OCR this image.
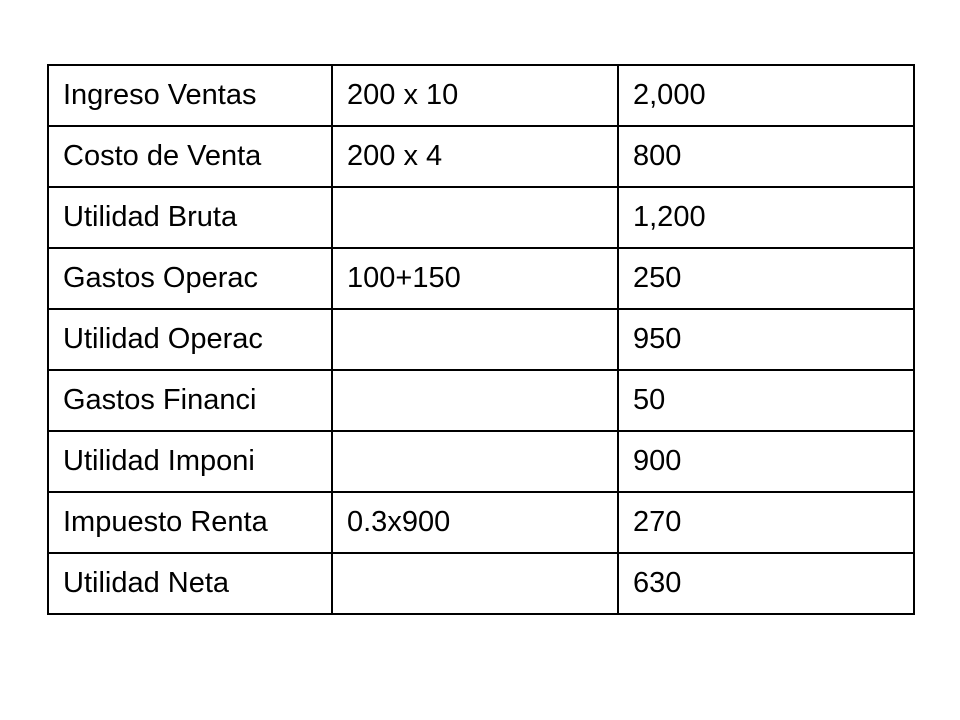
Ingreso Ventas	200 x 10	2,000
Costo de Venta	200 x 4	800
Utilidad Bruta		1,200
Gastos Operac	100+150	250
Utilidad Operac		950
Gastos Financi		50
Utilidad Imponi		900
Impuesto Renta	0.3x900	270
Utilidad Neta		630
